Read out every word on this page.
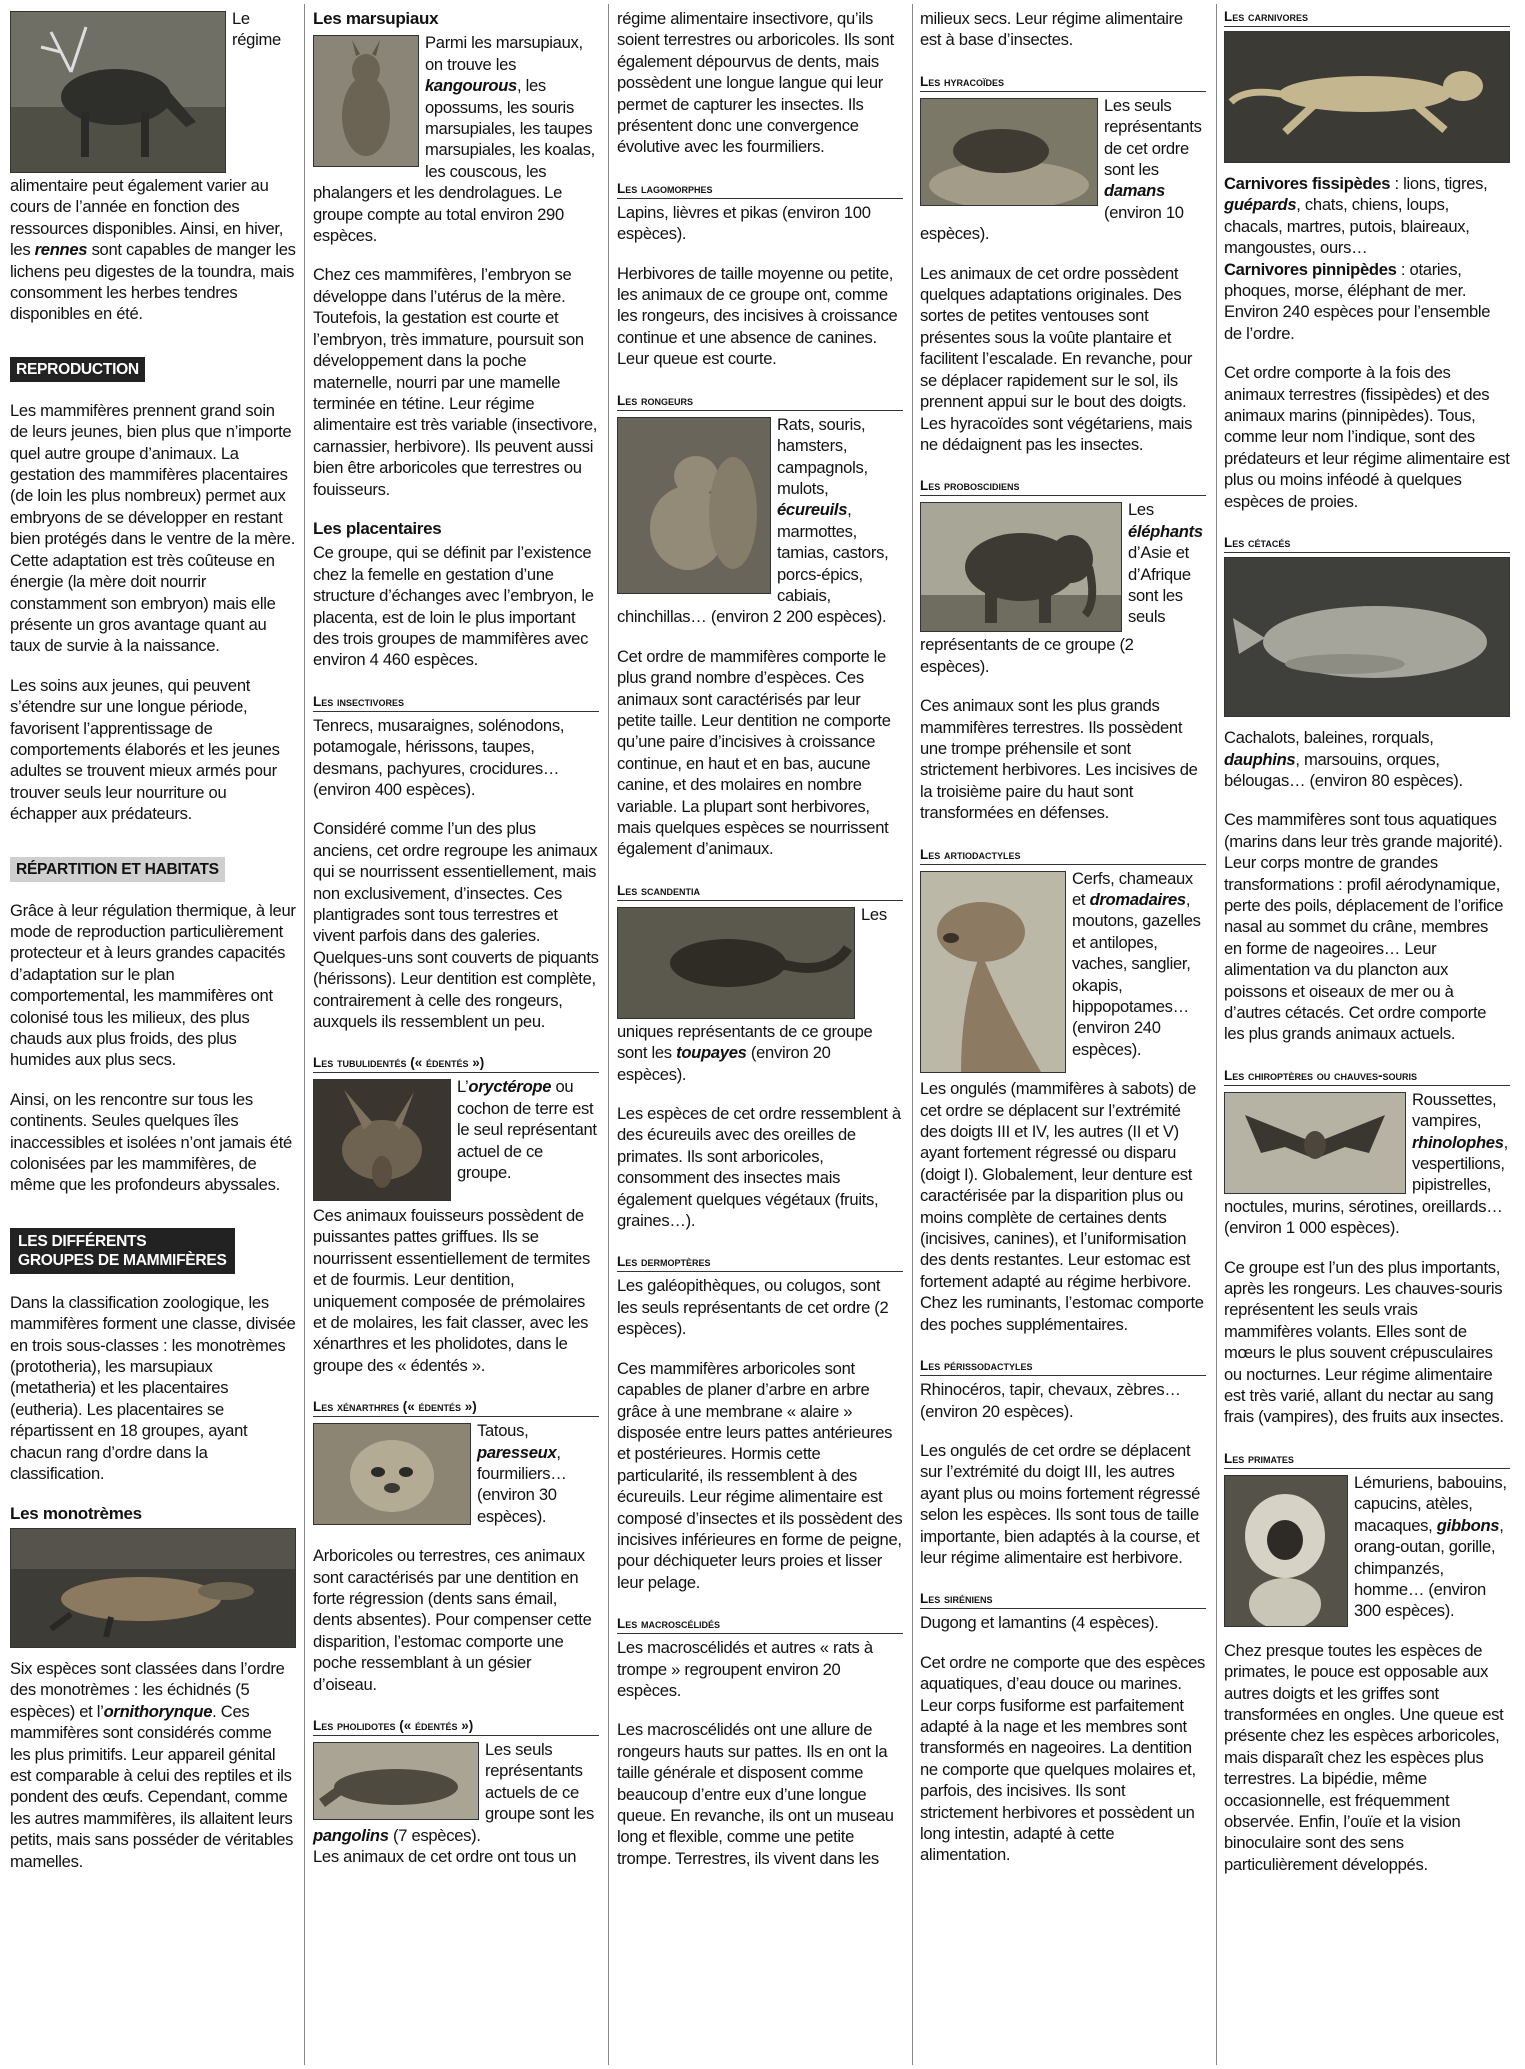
Le régime alimentaire peut également varier au cours de l’année en fonction des ressources disponibles. Ainsi, en hiver, les rennes sont capables de manger les lichens peu digestes de la toundra, mais consomment les herbes tendres disponibles en été.

REPRODUCTION

Les mammifères prennent grand soin de leurs jeunes, bien plus que n’importe quel autre groupe d’animaux. La gestation des mammifères placentaires (de loin les plus nombreux) permet aux embryons de se développer en restant bien protégés dans le ventre de la mère. Cette adaptation est très coûteuse en énergie (la mère doit nourrir constamment son embryon) mais elle présente un gros avantage quant au taux de survie à la naissance.

Les soins aux jeunes, qui peuvent s’étendre sur une longue période, favorisent l’apprentissage de comportements élaborés et les jeunes adultes se trouvent mieux armés pour trouver seuls leur nourriture ou échapper aux prédateurs.

RÉPARTITION ET HABITATS

Grâce à leur régulation thermique, à leur mode de reproduction particulièrement protecteur et à leurs grandes capacités d’adaptation sur le plan comportemental, les mammifères ont colonisé tous les milieux, des plus chauds aux plus froids, des plus humides aux plus secs.

Ainsi, on les rencontre sur tous les continents. Seules quelques îles inaccessibles et isolées n’ont jamais été colonisées par les mammifères, de même que les profondeurs abyssales.

LES DIFFÉRENTS
GROUPES DE MAMMIFÈRES

Dans la classification zoologique, les mammifères forment une classe, divisée en trois sous-classes : les monotrèmes (prototheria), les marsupiaux (metatheria) et les placentaires (eutheria). Les placentaires se répartissent en 18 groupes, ayant chacun rang d’ordre dans la classification.

Les monotrèmes

Six espèces sont classées dans l’ordre des monotrèmes : les échidnés (5 espèces) et l’ornithorynque. Ces mammifères sont considérés comme les plus primitifs. Leur appareil génital est comparable à celui des reptiles et ils pondent des œufs. Cependant, comme les autres mammifères, ils allaitent leurs petits, mais sans posséder de véritables mamelles.

Les marsupiaux

Parmi les marsupiaux, on trouve les kangourous, les opossums, les souris marsupiales, les taupes marsupiales, les koalas, les couscous, les phalangers et les dendrolagues. Le groupe compte au total environ 290 espèces.

Chez ces mammifères, l’embryon se développe dans l’utérus de la mère. Toutefois, la gestation est courte et l’embryon, très immature, poursuit son développement dans la poche maternelle, nourri par une mamelle terminée en tétine. Leur régime alimentaire est très variable (insectivore, carnassier, herbivore). Ils peuvent aussi bien être arboricoles que terrestres ou fouisseurs.

Les placentaires

Ce groupe, qui se définit par l’existence chez la femelle en gestation d’une structure d’échanges avec l’embryon, le placenta, est de loin le plus important des trois groupes de mammifères avec environ 4 460 espèces.

Les insectivores

Tenrecs, musaraignes, solénodons, potamogale, hérissons, taupes, desmans, pachyures, crocidures… (environ 400 espèces).

Considéré comme l’un des plus anciens, cet ordre regroupe les animaux qui se nourrissent essentiellement, mais non exclusivement, d’insectes. Ces plantigrades sont tous terrestres et vivent parfois dans des galeries. Quelques-uns sont couverts de piquants (hérissons). Leur dentition est complète, contrairement à celle des rongeurs, auxquels ils ressemblent un peu.

Les tubulidentés (« édentés »)

L’oryctérope ou cochon de terre est le seul représentant actuel de ce groupe.

Ces animaux fouisseurs possèdent de puissantes pattes griffues. Ils se nourrissent essentiellement de termites et de fourmis. Leur dentition, uniquement composée de prémolaires et de molaires, les fait classer, avec les xénarthres et les pholidotes, dans le groupe des « édentés ».

Les xénarthres (« édentés »)

Tatous, paresseux, fourmiliers… (environ 30 espèces).

Arboricoles ou terrestres, ces animaux sont caractérisés par une dentition en forte régression (dents sans émail, dents absentes). Pour compenser cette disparition, l’estomac comporte une poche ressemblant à un gésier d’oiseau.

Les pholidotes (« édentés »)

Les seuls représentants actuels de ce groupe sont les pangolins (7 espèces).
Les animaux de cet ordre ont tous un

régime alimentaire insectivore, qu’ils soient terrestres ou arboricoles. Ils sont également dépourvus de dents, mais possèdent une longue langue qui leur permet de capturer les insectes. Ils présentent donc une convergence évolutive avec les fourmiliers.

Les lagomorphes

Lapins, lièvres et pikas (environ 100 espèces).

Herbivores de taille moyenne ou petite, les animaux de ce groupe ont, comme les rongeurs, des incisives à croissance continue et une absence de canines. Leur queue est courte.

Les rongeurs

Rats, souris, hamsters, campagnols, mulots, écureuils, marmottes, tamias, castors, porcs-épics, cabiais, chinchillas… (environ 2 200 espèces).

Cet ordre de mammifères comporte le plus grand nombre d’espèces. Ces animaux sont caractérisés par leur petite taille. Leur dentition ne comporte qu’une paire d’incisives à croissance continue, en haut et en bas, aucune canine, et des molaires en nombre variable. La plupart sont herbivores, mais quelques espèces se nourrissent également d’animaux.

Les scandentia

Les uniques représentants de ce groupe sont les toupayes (environ 20 espèces).

Les espèces de cet ordre ressemblent à des écureuils avec des oreilles de primates. Ils sont arboricoles, consomment des insectes mais également quelques végétaux (fruits, graines…).

Les dermoptères

Les galéopithèques, ou colugos, sont les seuls représentants de cet ordre (2 espèces).

Ces mammifères arboricoles sont capables de planer d’arbre en arbre grâce à une membrane « alaire » disposée entre leurs pattes antérieures et postérieures. Hormis cette particularité, ils ressemblent à des écureuils. Leur régime alimentaire est composé d’insectes et ils possèdent des incisives inférieures en forme de peigne, pour déchiqueter leurs proies et lisser leur pelage.

Les macroscélidés

Les macroscélidés et autres « rats à trompe » regroupent environ 20 espèces.

Les macroscélidés ont une allure de rongeurs hauts sur pattes. Ils en ont la taille générale et disposent comme beaucoup d’entre eux d’une longue queue. En revanche, ils ont un museau long et flexible, comme une petite trompe. Terrestres, ils vivent dans les

milieux secs. Leur régime alimentaire est à base d’insectes.

Les hyracoïdes

Les seuls représentants de cet ordre sont les damans (environ 10 espèces).

Les animaux de cet ordre possèdent quelques adaptations originales. Des sortes de petites ventouses sont présentes sous la voûte plantaire et facilitent l’escalade. En revanche, pour se déplacer rapidement sur le sol, ils prennent appui sur le bout des doigts. Les hyracoïdes sont végétariens, mais ne dédaignent pas les insectes.

Les proboscidiens

Les éléphants d’Asie et d’Afrique sont les seuls représentants de ce groupe (2 espèces).

Ces animaux sont les plus grands mammifères terrestres. Ils possèdent une trompe préhensile et sont strictement herbivores. Les incisives de la troisième paire du haut sont transformées en défenses.

Les artiodactyles

Cerfs, chameaux et dromadaires, moutons, gazelles et antilopes, vaches, sanglier, okapis, hippopotames… (environ 240 espèces).

Les ongulés (mammifères à sabots) de cet ordre se déplacent sur l’extrémité des doigts III et IV, les autres (II et V) ayant fortement régressé ou disparu (doigt I). Globalement, leur denture est caractérisée par la disparition plus ou moins complète de certaines dents (incisives, canines), et l’uniformisation des dents restantes. Leur estomac est fortement adapté au régime herbivore. Chez les ruminants, l’estomac comporte des poches supplémentaires.

Les périssodactyles

Rhinocéros, tapir, chevaux, zèbres… (environ 20 espèces).

Les ongulés de cet ordre se déplacent sur l’extrémité du doigt III, les autres ayant plus ou moins fortement régressé selon les espèces. Ils sont tous de taille importante, bien adaptés à la course, et leur régime alimentaire est herbivore.

Les siréniens

Dugong et lamantins (4 espèces).

Cet ordre ne comporte que des espèces aquatiques, d’eau douce ou marines. Leur corps fusiforme est parfaitement adapté à la nage et les membres sont transformés en nageoires. La dentition ne comporte que quelques molaires et, parfois, des incisives. Ils sont strictement herbivores et possèdent un long intestin, adapté à cette alimentation.

Les carnivores

Carnivores fissipèdes : lions, tigres, guépards, chats, chiens, loups, chacals, martres, putois, blaireaux, mangoustes, ours…
Carnivores pinnipèdes : otaries, phoques, morse, éléphant de mer. Environ 240 espèces pour l’ensemble de l’ordre.

Cet ordre comporte à la fois des animaux terrestres (fissipèdes) et des animaux marins (pinnipèdes). Tous, comme leur nom l’indique, sont des prédateurs et leur régime alimentaire est plus ou moins inféodé à quelques espèces de proies.

Les cétacés

Cachalots, baleines, rorquals, dauphins, marsouins, orques, bélougas… (environ 80 espèces).

Ces mammifères sont tous aquatiques (marins dans leur très grande majorité). Leur corps montre de grandes transformations : profil aérodynamique, perte des poils, déplacement de l’orifice nasal au sommet du crâne, membres en forme de nageoires… Leur alimentation va du plancton aux poissons et oiseaux de mer ou à d’autres cétacés. Cet ordre comporte les plus grands animaux actuels.

Les chiroptères ou chauves-souris

Roussettes, vampires, rhinolophes, vespertilions, pipistrelles, noctules, murins, sérotines, oreillards… (environ 1 000 espèces).

Ce groupe est l’un des plus importants, après les rongeurs. Les chauves-souris représentent les seuls vrais mammifères volants. Elles sont de mœurs le plus souvent crépusculaires ou nocturnes. Leur régime alimentaire est très varié, allant du nectar au sang frais (vampires), des fruits aux insectes.

Les primates

Lémuriens, babouins, capucins, atèles, macaques, gibbons, orang-outan, gorille, chimpanzés, homme… (environ 300 espèces).

Chez presque toutes les espèces de primates, le pouce est opposable aux autres doigts et les griffes sont transformées en ongles. Une queue est présente chez les espèces arboricoles, mais disparaît chez les espèces plus terrestres. La bipédie, même occasionnelle, est fréquemment observée. Enfin, l’ouïe et la vision binoculaire sont des sens particulièrement développés.
